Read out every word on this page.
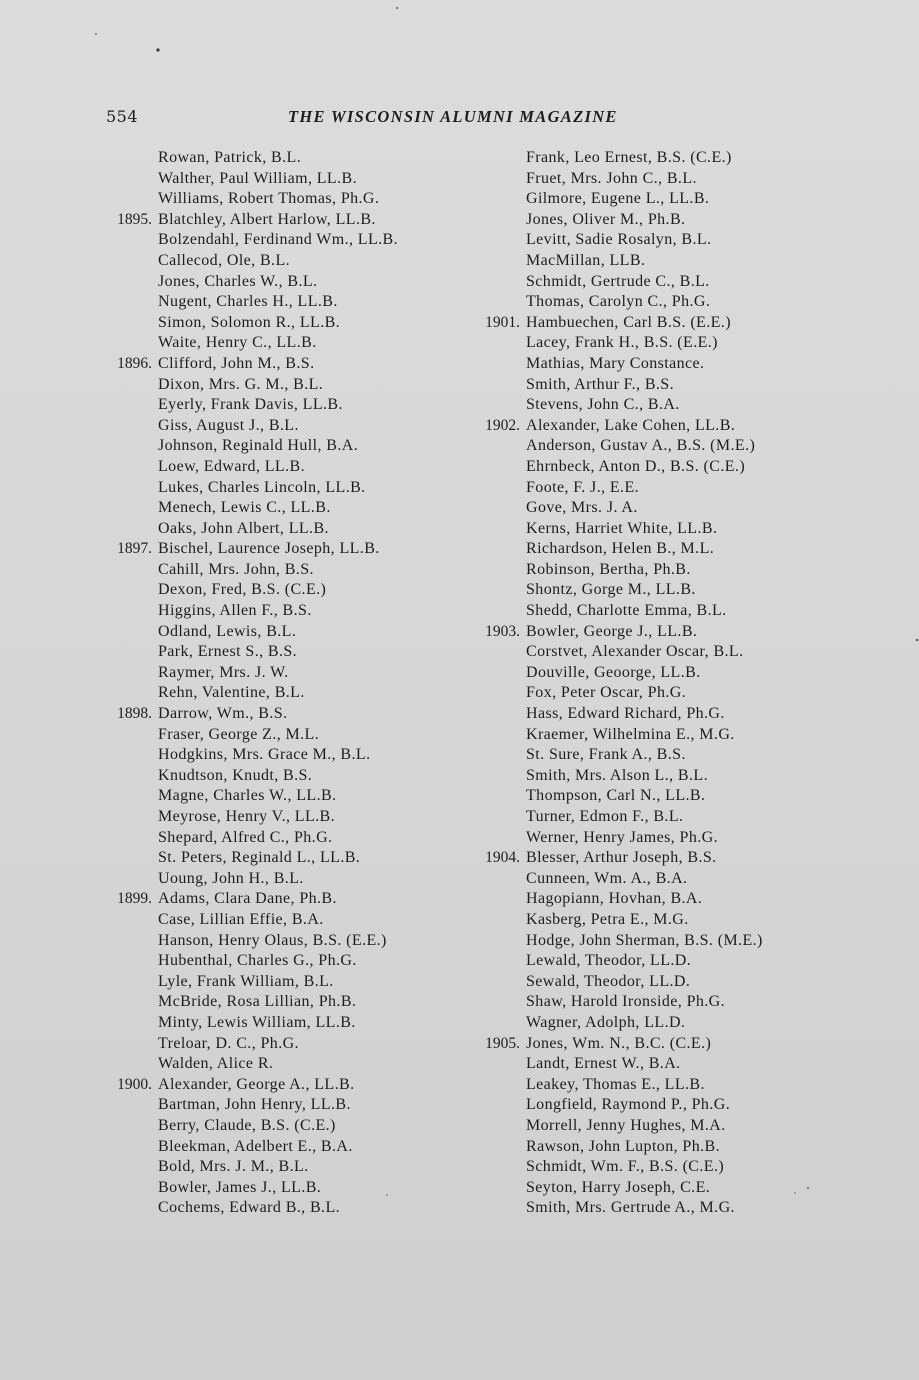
554	THE WISCONSIN ALUMNI MAGAZINE
Rowan, Patrick, B.L.
Walther, Paul William, LL.B.
Williams, Robert Thomas, Ph.G.
1895. Blatchley, Albert Harlow, LL.B.
Bolzendahl, Ferdinand Wm., LL.B.
Callecod, Ole, B.L.
Jones, Charles W., B.L.
Nugent, Charles H., LL.B.
Simon, Solomon R., LL.B.
Waite, Henry C., LL.B.
1896. Clifford, John M., B.S.
Dixon, Mrs. G. M., B.L.
Eyerly, Frank Davis, LL.B.
Giss, August J., B.L.
Johnson, Reginald Hull, B.A.
Loew, Edward, LL.B.
Lukes, Charles Lincoln, LL.B.
Menech, Lewis C., LL.B.
Oaks, John Albert, LL.B.
1897. Bischel, Laurence Joseph, LL.B.
Cahill, Mrs. John, B.S.
Dexon, Fred, B.S. (C.E.)
Higgins, Allen F., B.S.
Odland, Lewis, B.L.
Park, Ernest S., B.S.
Raymer, Mrs. J. W.
Rehn, Valentine, B.L.
1898. Darrow, Wm., B.S.
Fraser, George Z., M.L.
Hodgkins, Mrs. Grace M., B.L.
Knudtson, Knudt, B.S.
Magne, Charles W., LL.B.
Meyrose, Henry V., LL.B.
Shepard, Alfred C., Ph.G.
St. Peters, Reginald L., LL.B.
Uoung, John H., B.L.
1899. Adams, Clara Dane, Ph.B.
Case, Lillian Effie, B.A.
Hanson, Henry Olaus, B.S. (E.E.)
Hubenthal, Charles G., Ph.G.
Lyle, Frank William, B.L.
McBride, Rosa Lillian, Ph.B.
Minty, Lewis William, LL.B.
Treloar, D. C., Ph.G.
Walden, Alice R.
1900. Alexander, George A., LL.B.
Bartman, John Henry, LL.B.
Berry, Claude, B.S. (C.E.)
Bleekman, Adelbert E., B.A.
Bold, Mrs. J. M., B.L.
Bowler, James J., LL.B.
Cochems, Edward B., B.L.
Frank, Leo Ernest, B.S. (C.E.)
Fruet, Mrs. John C., B.L.
Gilmore, Eugene L., LL.B.
Jones, Oliver M., Ph.B.
Levitt, Sadie Rosalyn, B.L.
MacMillan, LLB.
Schmidt, Gertrude C., B.L.
Thomas, Carolyn C., Ph.G.
1901. Hambuechen, Carl B.S. (E.E.)
Lacey, Frank H., B.S. (E.E.)
Mathias, Mary Constance.
Smith, Arthur F., B.S.
Stevens, John C., B.A.
1902. Alexander, Lake Cohen, LL.B.
Anderson, Gustav A., B.S. (M.E.)
Ehrnbeck, Anton D., B.S. (C.E.)
Foote, F. J., E.E.
Gove, Mrs. J. A.
Kerns, Harriet White, LL.B.
Richardson, Helen B., M.L.
Robinson, Bertha, Ph.B.
Shontz, Gorge M., LL.B.
Shedd, Charlotte Emma, B.L.
1903. Bowler, George J., LL.B.
Corstvet, Alexander Oscar, B.L.
Douville, Geoorge, LL.B.
Fox, Peter Oscar, Ph.G.
Hass, Edward Richard, Ph.G.
Kraemer, Wilhelmina E., M.G.
St. Sure, Frank A., B.S.
Smith, Mrs. Alson L., B.L.
Thompson, Carl N., LL.B.
Turner, Edmon F., B.L.
Werner, Henry James, Ph.G.
1904. Blesser, Arthur Joseph, B.S.
Cunneen, Wm. A., B.A.
Hagopiann, Hovhan, B.A.
Kasberg, Petra E., M.G.
Hodge, John Sherman, B.S. (M.E.)
Lewald, Theodor, LL.D.
Sewald, Theodor, LL.D.
Shaw, Harold Ironside, Ph.G.
Wagner, Adolph, LL.D.
1905. Jones, Wm. N., B.C. (C.E.)
Landt, Ernest W., B.A.
Leakey, Thomas E., LL.B.
Longfield, Raymond P., Ph.G.
Morrell, Jenny Hughes, M.A.
Rawson, John Lupton, Ph.B.
Schmidt, Wm. F., B.S. (C.E.)
Seyton, Harry Joseph, C.E.
Smith, Mrs. Gertrude A., M.G.
